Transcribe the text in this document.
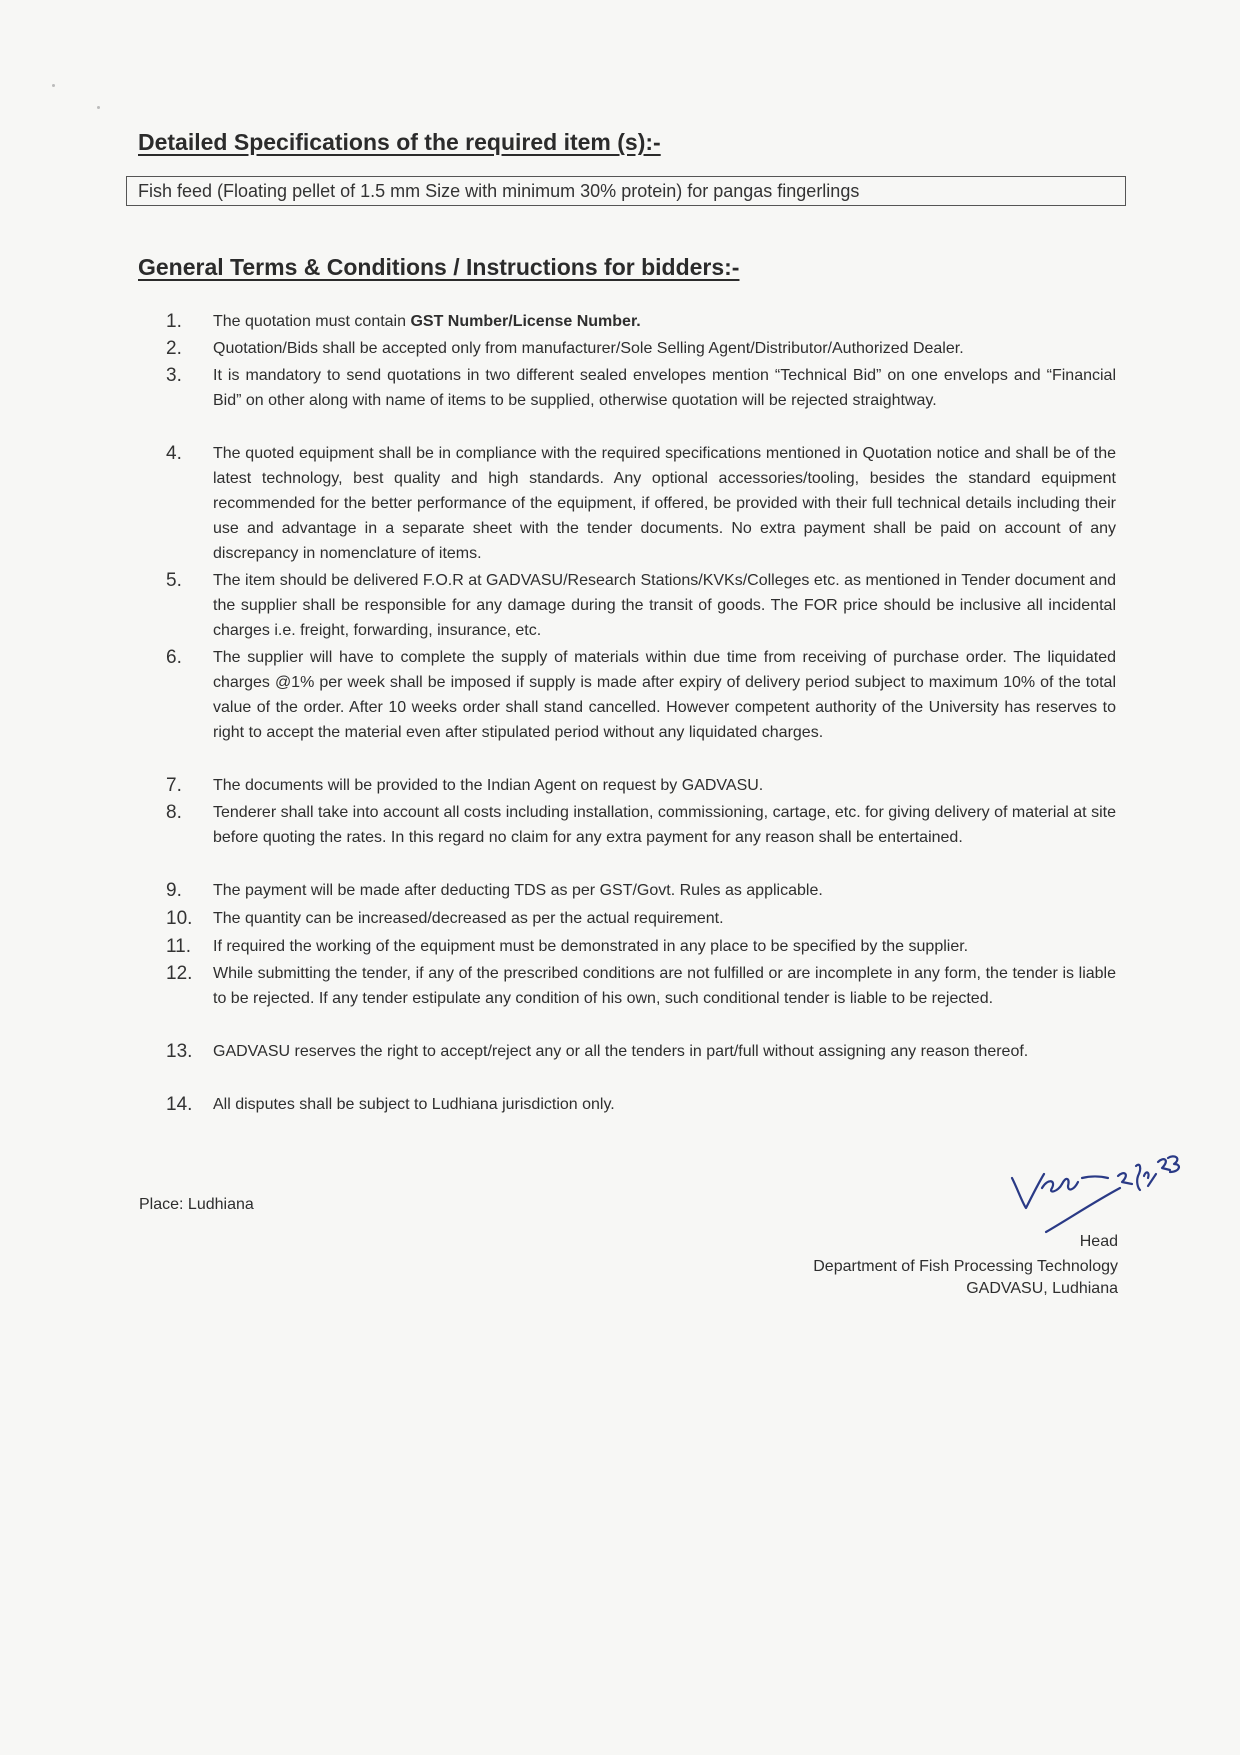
Detailed Specifications of the required item (s):-
Fish feed (Floating pellet of 1.5 mm Size with minimum 30% protein) for pangas fingerlings
General Terms & Conditions / Instructions for bidders:-
1.	The quotation must contain GST Number/License Number.
2.	Quotation/Bids shall be accepted only from manufacturer/Sole Selling Agent/Distributor/Authorized Dealer.
3.	It is mandatory to send quotations in two different sealed envelopes mention “Technical Bid” on one envelops and “Financial Bid” on other along with name of items to be supplied, otherwise quotation will be rejected straightway.
4.	The quoted equipment shall be in compliance with the required specifications mentioned in Quotation notice and shall be of the latest technology, best quality and high standards. Any optional accessories/tooling, besides the standard equipment recommended for the better performance of the equipment, if offered, be provided with their full technical details including their use and advantage in a separate sheet with the tender documents. No extra payment shall be paid on account of any discrepancy in nomenclature of items.
5.	The item should be delivered F.O.R at GADVASU/Research Stations/KVKs/Colleges etc. as mentioned in Tender document and the supplier shall be responsible for any damage during the transit of goods. The FOR price should be inclusive all incidental charges i.e. freight, forwarding, insurance, etc.
6.	The supplier will have to complete the supply of materials within due time from receiving of purchase order. The liquidated charges @1% per week shall be imposed if supply is made after expiry of delivery period subject to maximum 10% of the total value of the order. After 10 weeks order shall stand cancelled. However competent authority of the University has reserves to right to accept the material even after stipulated period without any liquidated charges.
7.	The documents will be provided to the Indian Agent on request by GADVASU.
8.	Tenderer shall take into account all costs including installation, commissioning, cartage, etc. for giving delivery of material at site before quoting the rates. In this regard no claim for any extra payment for any reason shall be entertained.
9.	The payment will be made after deducting TDS as per GST/Govt. Rules as applicable.
10.	The quantity can be increased/decreased as per the actual requirement.
11.	If required the working of the equipment must be demonstrated in any place to be specified by the supplier.
12.	While submitting the tender, if any of the prescribed conditions are not fulfilled or are incomplete in any form, the tender is liable to be rejected. If any tender estipulate any condition of his own, such conditional tender is liable to be rejected.
13.	GADVASU reserves the right to accept/reject any or all the tenders in part/full without assigning any reason thereof.
14.	All disputes shall be subject to Ludhiana jurisdiction only.
Place: Ludhiana
Head
Department of Fish Processing Technology
GADVASU, Ludhiana
